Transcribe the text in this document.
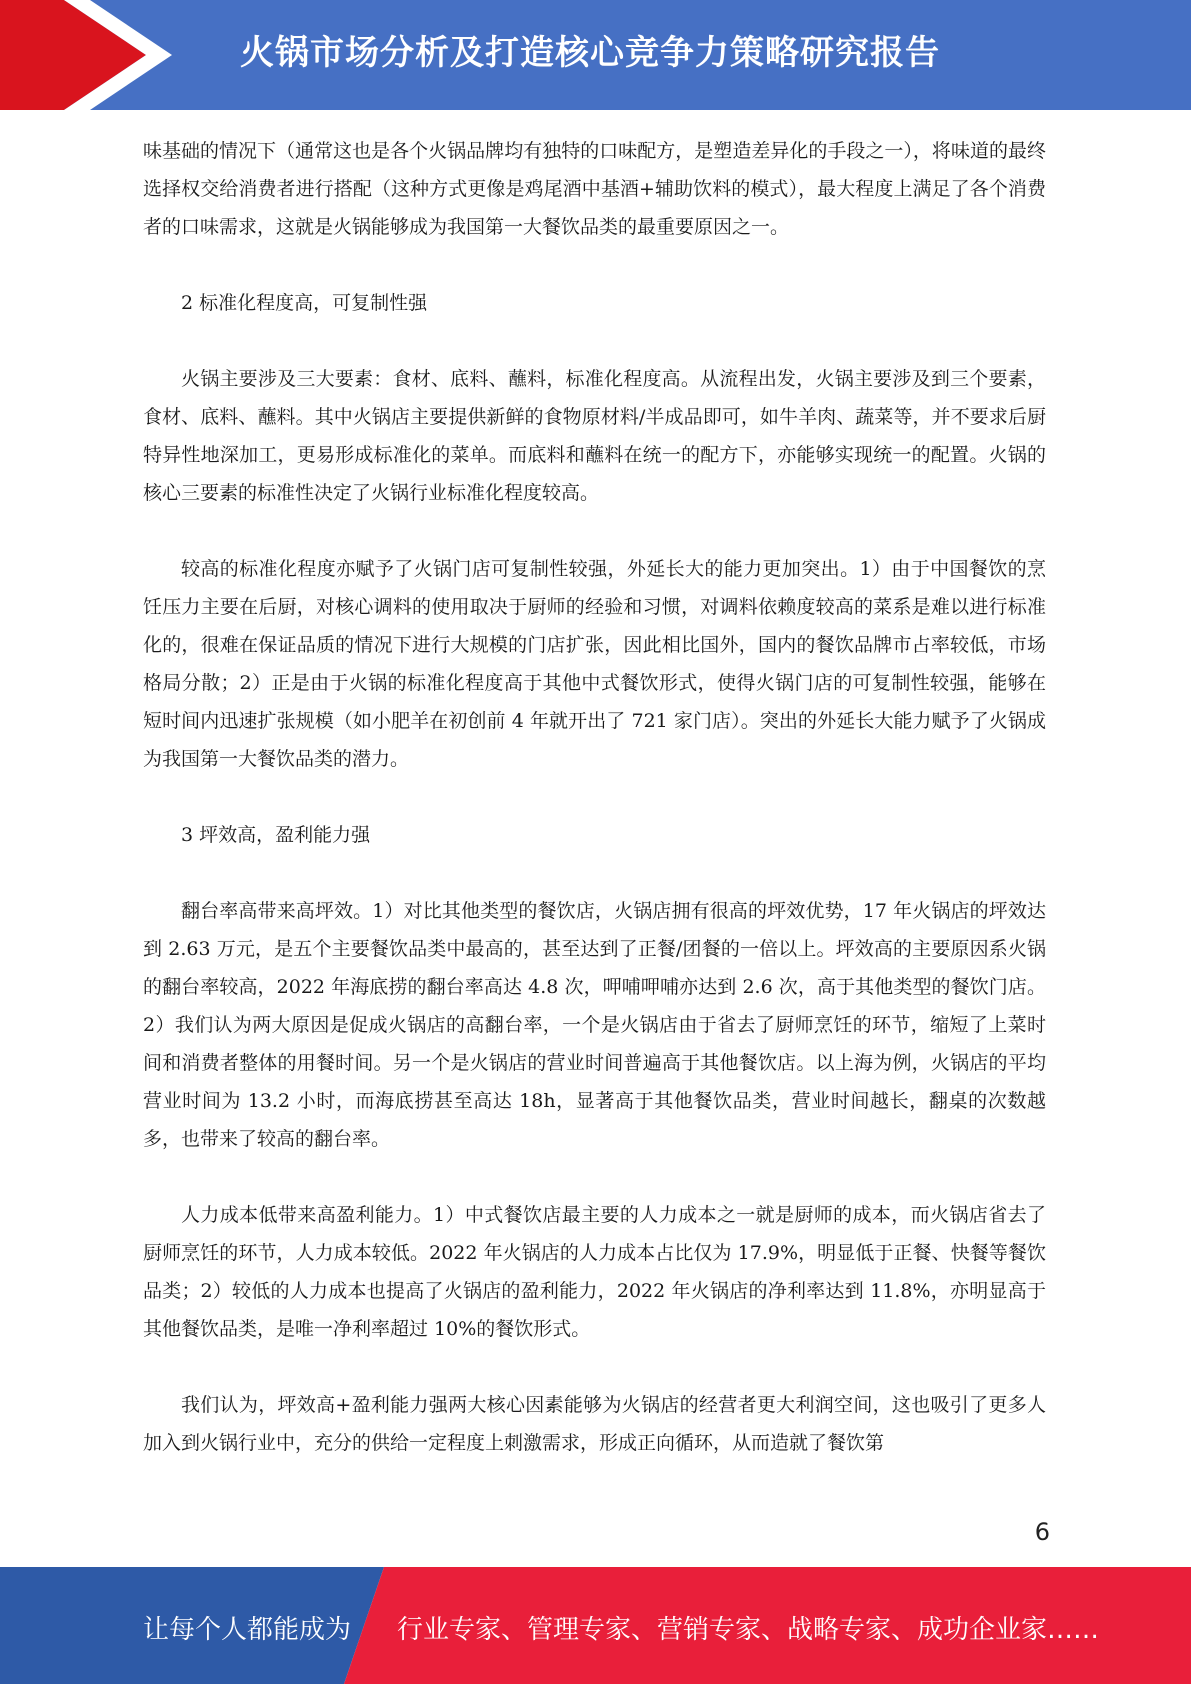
火锅市场分析及打造核心竞争力策略研究报告

味基础的情况下（通常这也是各个火锅品牌均有独特的口味配方，是塑造差异化的手段之一），将味道的最终选择权交给消费者进行搭配（这种方式更像是鸡尾酒中基酒+辅助饮料的模式），最大程度上满足了各个消费者的口味需求，这就是火锅能够成为我国第一大餐饮品类的最重要原因之一。

2 标准化程度高，可复制性强

火锅主要涉及三大要素：食材、底料、蘸料，标准化程度高。从流程出发，火锅主要涉及到三个要素，食材、底料、蘸料。其中火锅店主要提供新鲜的食物原材料/半成品即可，如牛羊肉、蔬菜等，并不要求后厨特异性地深加工，更易形成标准化的菜单。而底料和蘸料在统一的配方下，亦能够实现统一的配置。火锅的核心三要素的标准性决定了火锅行业标准化程度较高。

较高的标准化程度亦赋予了火锅门店可复制性较强，外延长大的能力更加突出。1）由于中国餐饮的烹饪压力主要在后厨，对核心调料的使用取决于厨师的经验和习惯，对调料依赖度较高的菜系是难以进行标准化的，很难在保证品质的情况下进行大规模的门店扩张，因此相比国外，国内的餐饮品牌市占率较低，市场格局分散；2）正是由于火锅的标准化程度高于其他中式餐饮形式，使得火锅门店的可复制性较强，能够在短时间内迅速扩张规模（如小肥羊在初创前 4 年就开出了 721 家门店）。突出的外延长大能力赋予了火锅成为我国第一大餐饮品类的潜力。

3 坪效高，盈利能力强

翻台率高带来高坪效。1）对比其他类型的餐饮店，火锅店拥有很高的坪效优势，17 年火锅店的坪效达到 2.63 万元，是五个主要餐饮品类中最高的，甚至达到了正餐/团餐的一倍以上。坪效高的主要原因系火锅的翻台率较高，2022 年海底捞的翻台率高达 4.8 次，呷哺呷哺亦达到 2.6 次，高于其他类型的餐饮门店。2）我们认为两大原因是促成火锅店的高翻台率，一个是火锅店由于省去了厨师烹饪的环节，缩短了上菜时间和消费者整体的用餐时间。另一个是火锅店的营业时间普遍高于其他餐饮店。以上海为例，火锅店的平均营业时间为 13.2 小时，而海底捞甚至高达 18h，显著高于其他餐饮品类，营业时间越长，翻桌的次数越多，也带来了较高的翻台率。

人力成本低带来高盈利能力。1）中式餐饮店最主要的人力成本之一就是厨师的成本，而火锅店省去了厨师烹饪的环节，人力成本较低。2022 年火锅店的人力成本占比仅为 17.9%，明显低于正餐、快餐等餐饮品类；2）较低的人力成本也提高了火锅店的盈利能力，2022 年火锅店的净利率达到 11.8%，亦明显高于其他餐饮品类，是唯一净利率超过 10%的餐饮形式。

我们认为，坪效高+盈利能力强两大核心因素能够为火锅店的经营者更大利润空间，这也吸引了更多人加入到火锅行业中，充分的供给一定程度上刺激需求，形成正向循环，从而造就了餐饮第

6
让每个人都能成为 行业专家、管理专家、营销专家、战略专家、成功企业家……
